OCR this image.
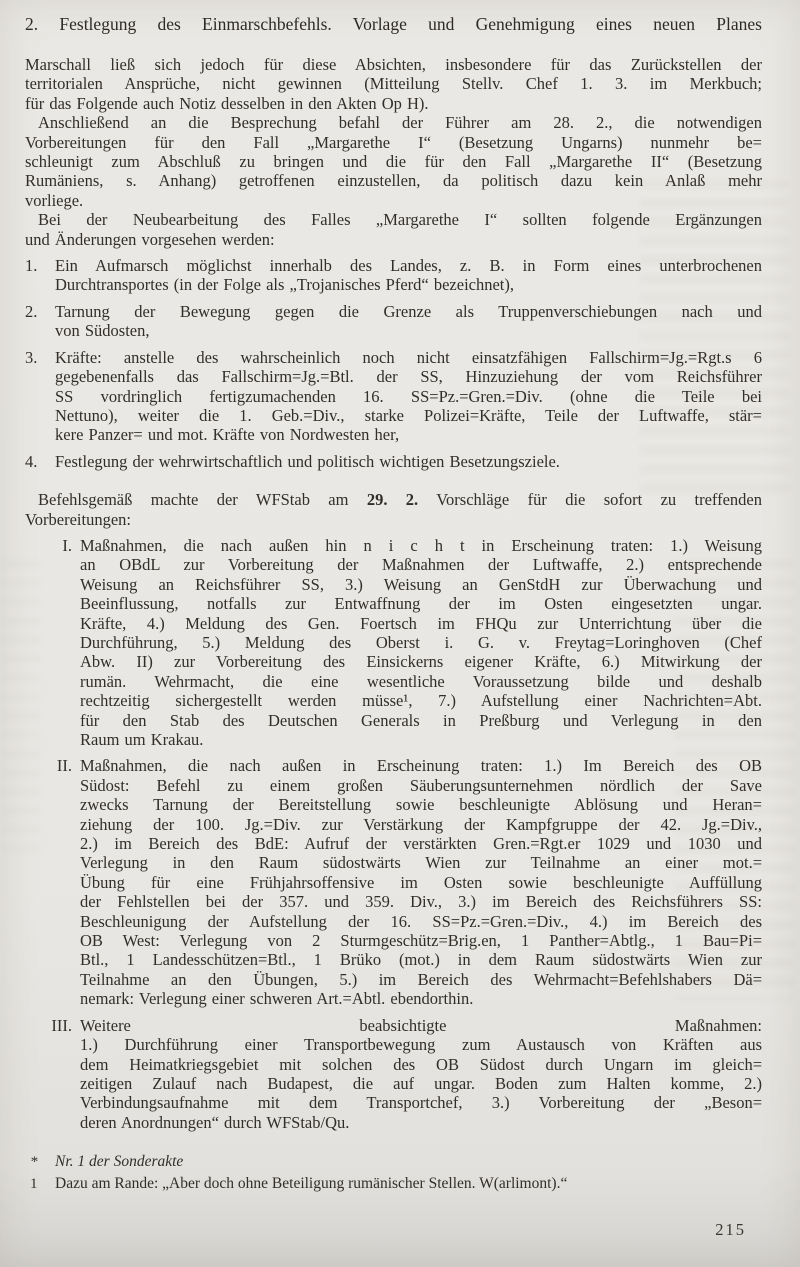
2. Festlegung des Einmarschbefehls. Vorlage und Genehmigung eines neuen Planes
Marschall ließ sich jedoch für diese Absichten, insbesondere für das Zurückstellen der
territorialen Ansprüche, nicht gewinnen (Mitteilung Stellv. Chef 1. 3. im Merkbuch;
für das Folgende auch Notiz desselben in den Akten Op H).
Anschließend an die Besprechung befahl der Führer am 28. 2., die notwendigen
Vorbereitungen für den Fall „Margarethe I“ (Besetzung Ungarns) nunmehr be=
schleunigt zum Abschluß zu bringen und die für den Fall „Margarethe II“ (Besetzung
Rumäniens, s. Anhang) getroffenen einzustellen, da politisch dazu kein Anlaß mehr
vorliege.
Bei der Neubearbeitung des Falles „Margarethe I“ sollten folgende Ergänzungen
und Änderungen vorgesehen werden:
1.	Ein Aufmarsch möglichst innerhalb des Landes, z. B. in Form eines unterbrochenen
Durchtransportes (in der Folge als „Trojanisches Pferd“ bezeichnet),
2.	Tarnung der Bewegung gegen die Grenze als Truppenverschiebungen nach und
von Südosten,
3.	Kräfte: anstelle des wahrscheinlich noch nicht einsatzfähigen Fallschirm=Jg.=Rgt.s 6
gegebenenfalls das Fallschirm=Jg.=Btl. der SS, Hinzuziehung der vom Reichsführer
SS vordringlich fertigzumachenden 16. SS=Pz.=Gren.=Div. (ohne die Teile bei
Nettuno), weiter die 1. Geb.=Div., starke Polizei=Kräfte, Teile der Luftwaffe, stär=
kere Panzer= und mot. Kräfte von Nordwesten her,
4.	Festlegung der wehrwirtschaftlich und politisch wichtigen Besetzungsziele.
Befehlsgemäß machte der WFStab am 29. 2. Vorschläge für die sofort zu treffenden
Vorbereitungen:
I. Maßnahmen, die nach außen hin n i c h t in Erscheinung traten: 1.) Weisung
an OBdL zur Vorbereitung der Maßnahmen der Luftwaffe, 2.) entsprechende
Weisung an Reichsführer SS, 3.) Weisung an GenStdH zur Überwachung und
Beeinflussung, notfalls zur Entwaffnung der im Osten eingesetzten ungar.
Kräfte, 4.) Meldung des Gen. Foertsch im FHQu zur Unterrichtung über die
Durchführung, 5.) Meldung des Oberst i. G. v. Freytag=Loringhoven (Chef
Abw. II) zur Vorbereitung des Einsickerns eigener Kräfte, 6.) Mitwirkung der
rumän. Wehrmacht, die eine wesentliche Voraussetzung bilde und deshalb
rechtzeitig sichergestellt werden müsse¹, 7.) Aufstellung einer Nachrichten=Abt.
für den Stab des Deutschen Generals in Preßburg und Verlegung in den
Raum um Krakau.
II. Maßnahmen, die nach außen in Erscheinung traten: 1.) Im Bereich des OB
Südost: Befehl zu einem großen Säuberungsunternehmen nördlich der Save
zwecks Tarnung der Bereitstellung sowie beschleunigte Ablösung und Heran=
ziehung der 100. Jg.=Div. zur Verstärkung der Kampfgruppe der 42. Jg.=Div.,
2.) im Bereich des BdE: Aufruf der verstärkten Gren.=Rgt.er 1029 und 1030 und
Verlegung in den Raum südostwärts Wien zur Teilnahme an einer mot.=
Übung für eine Frühjahrsoffensive im Osten sowie beschleunigte Auffüllung
der Fehlstellen bei der 357. und 359. Div., 3.) im Bereich des Reichsführers SS:
Beschleunigung der Aufstellung der 16. SS=Pz.=Gren.=Div., 4.) im Bereich des
OB West: Verlegung von 2 Sturmgeschütz=Brig.en, 1 Panther=Abtlg., 1 Bau=Pi=
Btl., 1 Landesschützen=Btl., 1 Brüko (mot.) in dem Raum südostwärts Wien zur
Teilnahme an den Übungen, 5.) im Bereich des Wehrmacht=Befehlshabers Dä=
nemark: Verlegung einer schweren Art.=Abtl. ebendorthin.
III. Weitere beabsichtigte Maßnahmen:
1.) Durchführung einer Transportbewegung zum Austausch von Kräften aus
dem Heimatkriegsgebiet mit solchen des OB Südost durch Ungarn im gleich=
zeitigen Zulauf nach Budapest, die auf ungar. Boden zum Halten komme, 2.)
Verbindungsaufnahme mit dem Transportchef, 3.) Vorbereitung der „Beson=
deren Anordnungen“ durch WFStab/Qu.
*	Nr. 1 der Sonderakte
1	Dazu am Rande: „Aber doch ohne Beteiligung rumänischer Stellen. W(arlimont).“
215
